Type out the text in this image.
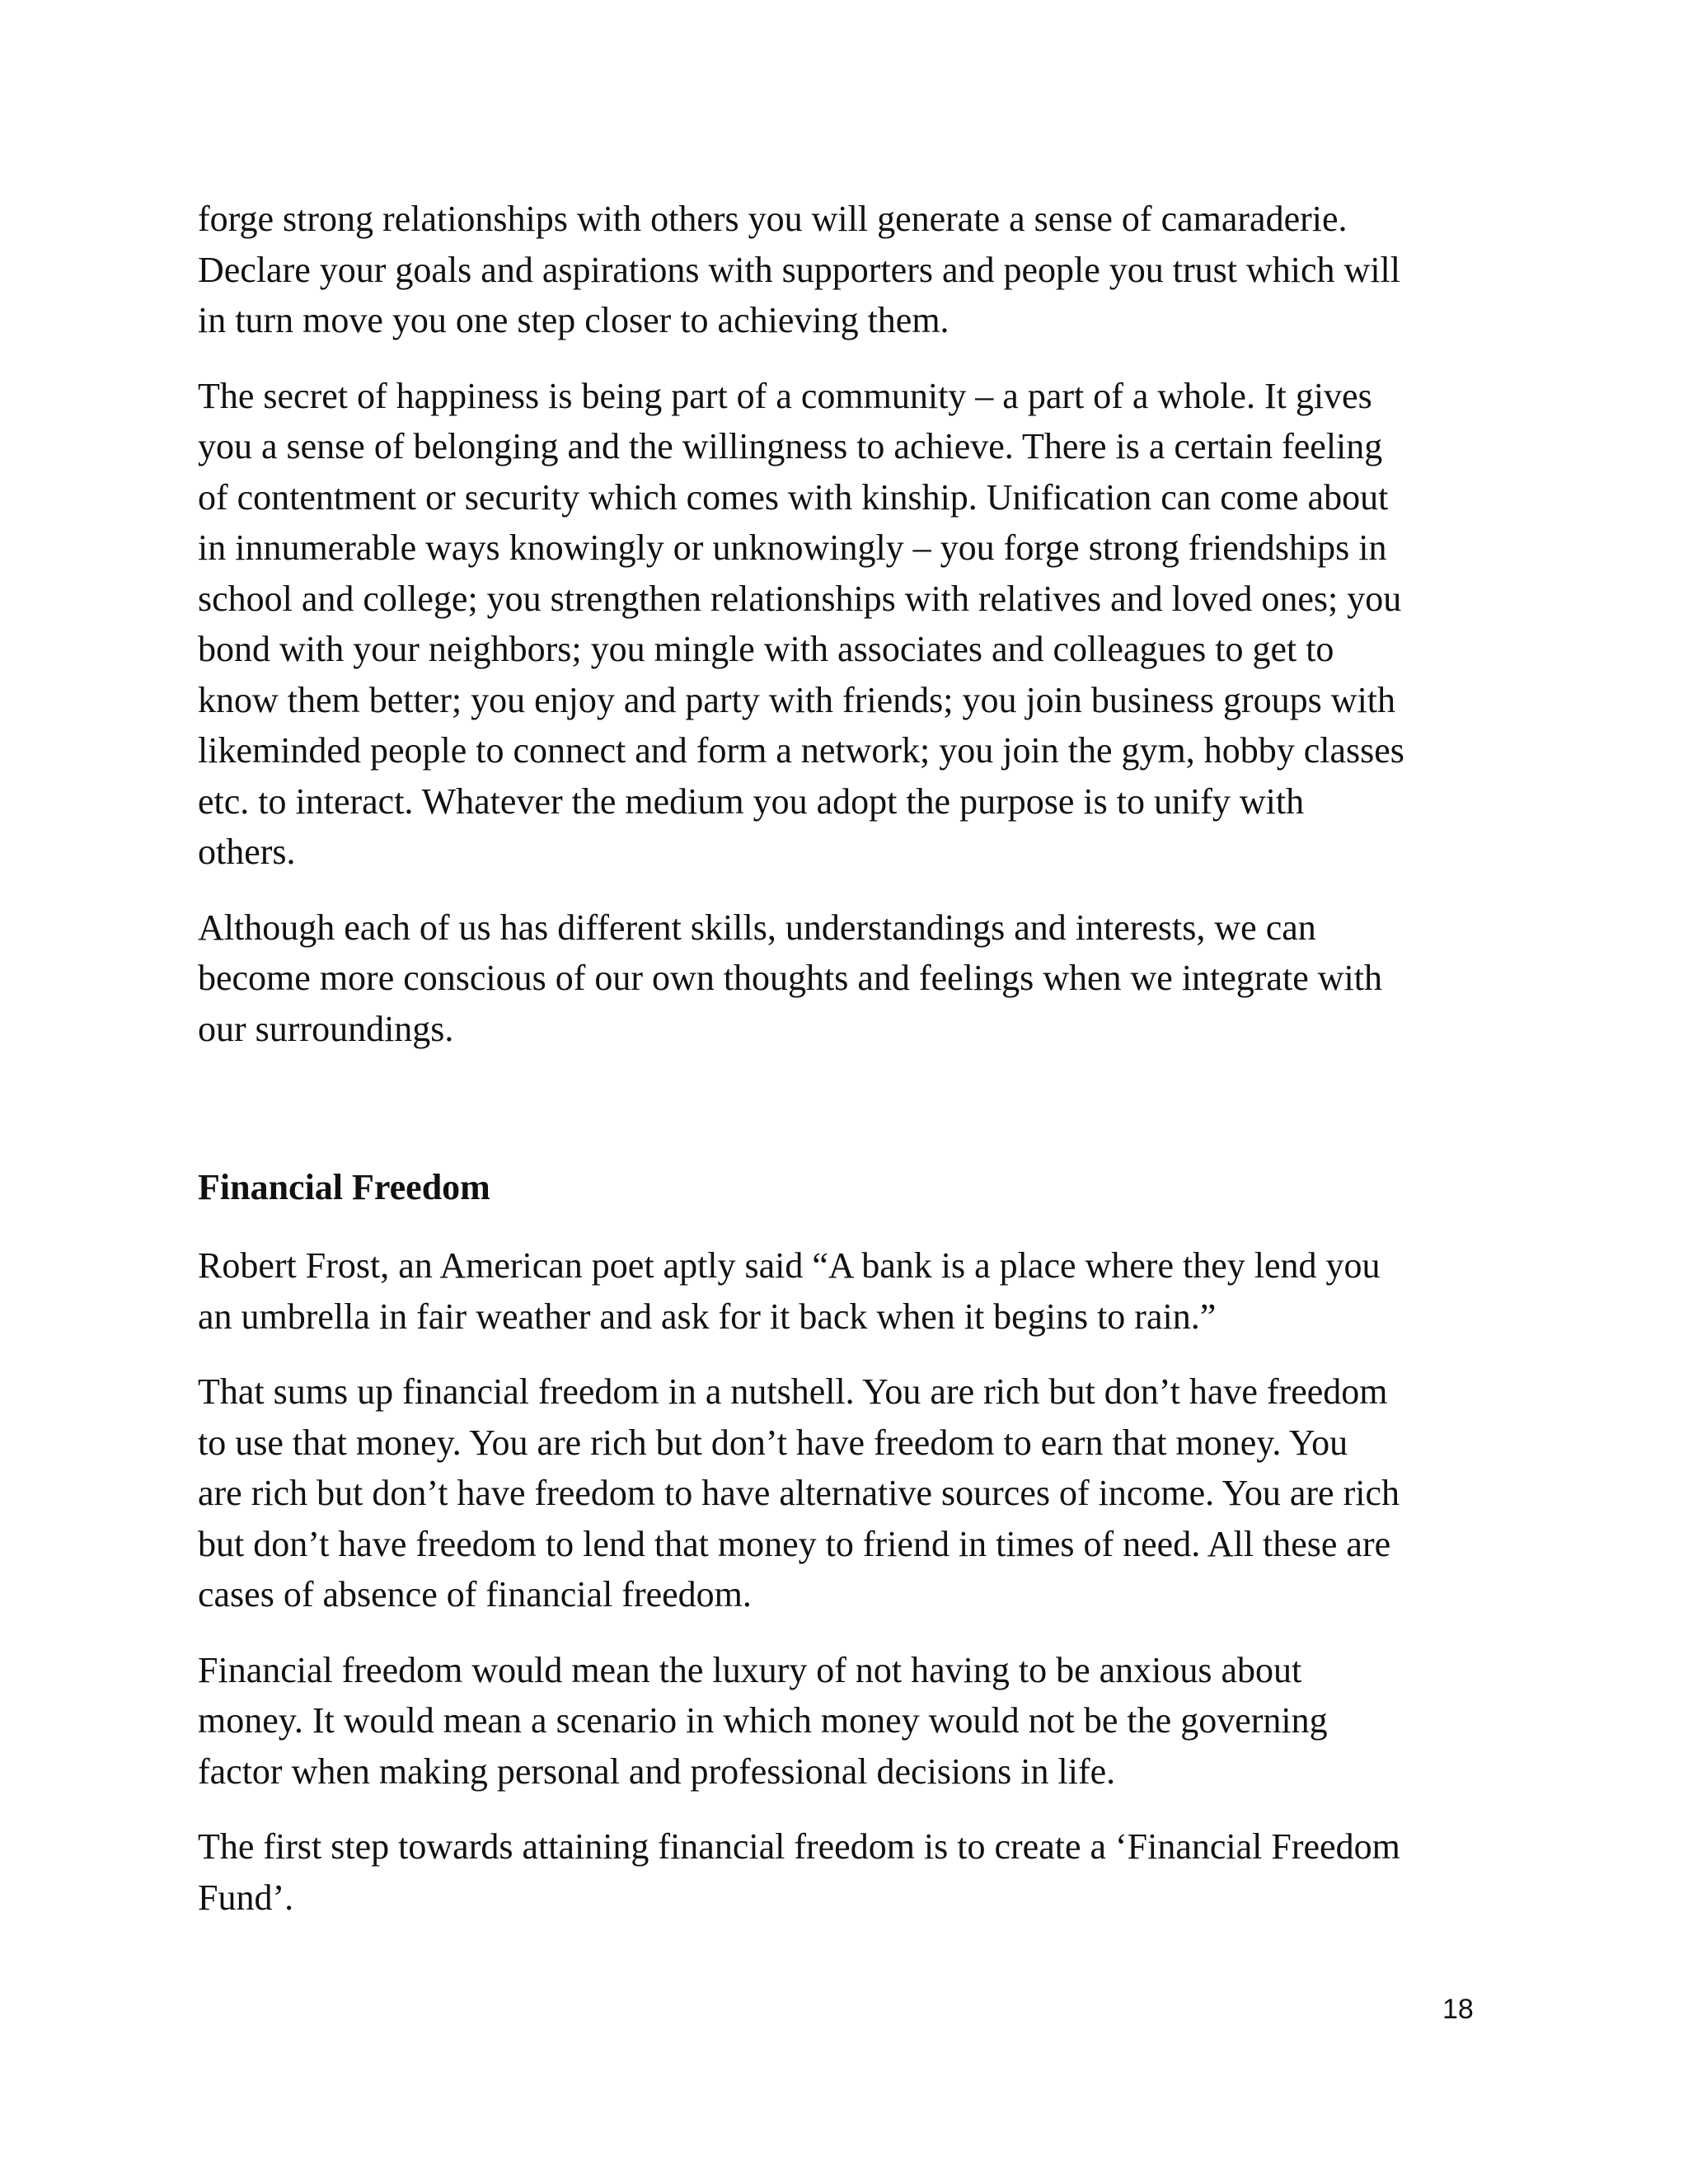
forge strong relationships with others you will generate a sense of camaraderie.
Declare your goals and aspirations with supporters and people you trust which will
in turn move you one step closer to achieving them.

The secret of happiness is being part of a community – a part of a whole. It gives
you a sense of belonging and the willingness to achieve. There is a certain feeling
of contentment or security which comes with kinship. Unification can come about
in innumerable ways knowingly or unknowingly – you forge strong friendships in
school and college; you strengthen relationships with relatives and loved ones; you
bond with your neighbors; you mingle with associates and colleagues to get to
know them better; you enjoy and party with friends; you join business groups with
likeminded people to connect and form a network; you join the gym, hobby classes
etc. to interact. Whatever the medium you adopt the purpose is to unify with
others.

Although each of us has different skills, understandings and interests, we can
become more conscious of our own thoughts and feelings when we integrate with
our surroundings.

Financial Freedom

Robert Frost, an American poet aptly said “A bank is a place where they lend you
an umbrella in fair weather and ask for it back when it begins to rain.”

That sums up financial freedom in a nutshell. You are rich but don’t have freedom
to use that money. You are rich but don’t have freedom to earn that money. You
are rich but don’t have freedom to have alternative sources of income. You are rich
but don’t have freedom to lend that money to friend in times of need. All these are
cases of absence of financial freedom.

Financial freedom would mean the luxury of not having to be anxious about
money. It would mean a scenario in which money would not be the governing
factor when making personal and professional decisions in life.

The first step towards attaining financial freedom is to create a ‘Financial Freedom
Fund’.

18
